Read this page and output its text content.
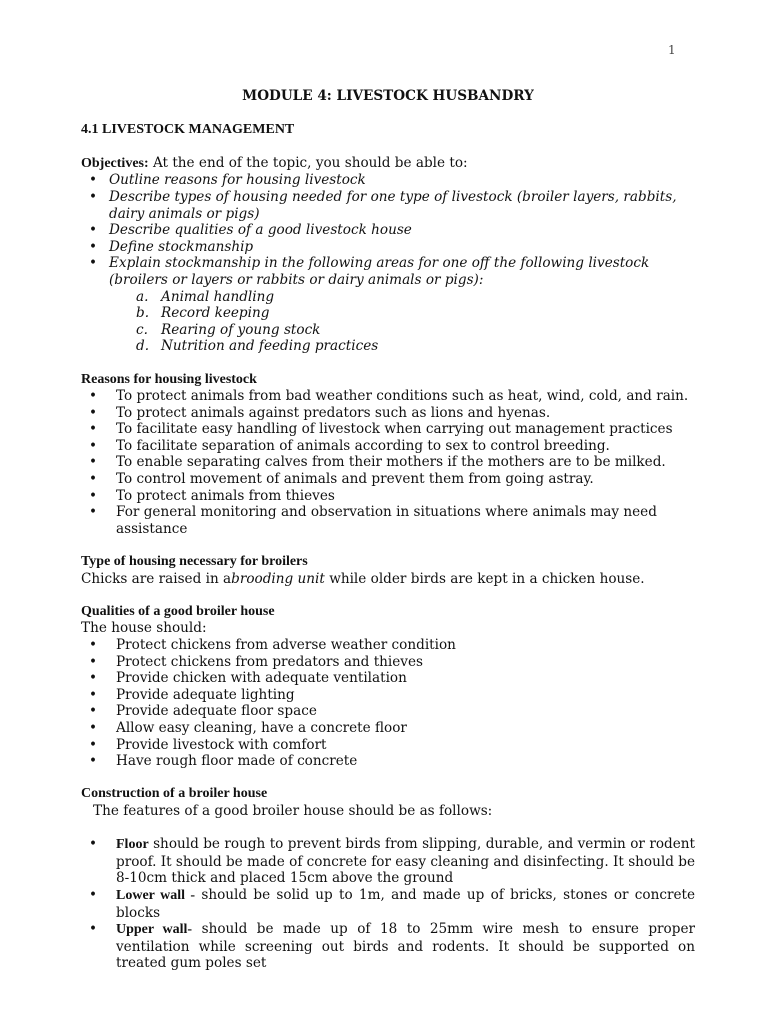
1

MODULE 4: LIVESTOCK HUSBANDRY

4.1 LIVESTOCK MANAGEMENT

Objectives: At the end of the topic, you should be able to:

• Outline reasons for housing livestock
• Describe types of housing needed for one type of livestock (broiler layers, rabbits, dairy animals or pigs)
• Describe qualities of a good livestock house
• Define stockmanship
• Explain stockmanship in the following areas for one off the following livestock (broilers or layers or rabbits or dairy animals or pigs):
a. Animal handling
b. Record keeping
c. Rearing of young stock
d. Nutrition and feeding practices

Reasons for housing livestock

• To protect animals from bad weather conditions such as heat, wind, cold, and rain.
• To protect animals against predators such as lions and hyenas.
• To facilitate easy handling of livestock when carrying out management practices
• To facilitate separation of animals according to sex to control breeding.
• To enable separating calves from their mothers if the mothers are to be milked.
• To control movement of animals and prevent them from going astray.
• To protect animals from thieves
• For general monitoring and observation in situations where animals may need assistance

Type of housing necessary for broilers

Chicks are raised in abrooding unit while older birds are kept in a chicken house.

Qualities of a good broiler house

The house should:

• Protect chickens from adverse weather condition
• Protect chickens from predators and thieves
• Provide chicken with adequate ventilation
• Provide adequate lighting
• Provide adequate floor space
• Allow easy cleaning, have a concrete floor
• Provide livestock with comfort
• Have rough floor made of concrete

Construction of a broiler house

The features of a good broiler house should be as follows:

• Floor should be rough to prevent birds from slipping, durable, and vermin or rodent proof. It should be made of concrete for easy cleaning and disinfecting. It should be 8-10cm thick and placed 15cm above the ground
• Lower wall - should be solid up to 1m, and made up of bricks, stones or concrete blocks
• Upper wall- should be made up of 18 to 25mm wire mesh to ensure proper ventilation while screening out birds and rodents. It should be supported on treated gum poles set
